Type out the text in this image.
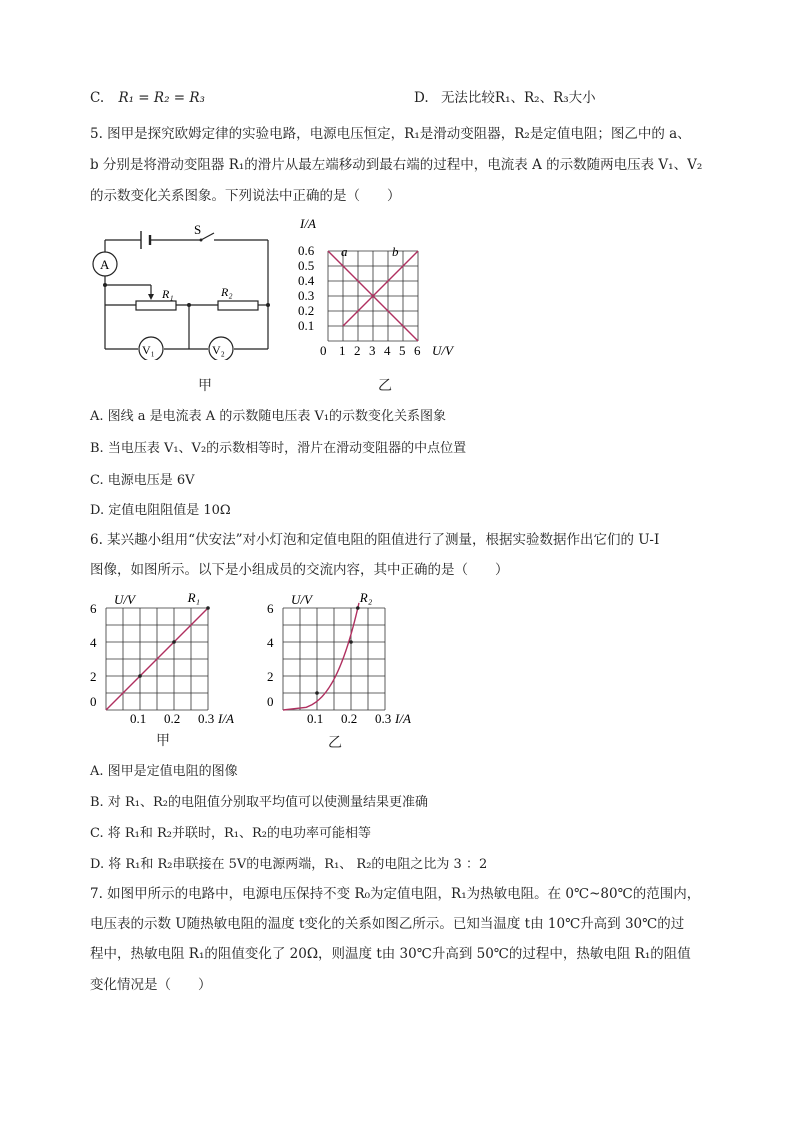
C. R₁ = R₂ = R₃	D. 无法比较R₁、R₂、R₃大小
5. 图甲是探究欧姆定律的实验电路，电源电压恒定，R₁是滑动变阻器，R₂是定值电阻；图乙中的 a、
b 分别是将滑动变阻器 R₁的滑片从最左端移动到最右端的过程中，电流表 A 的示数随两电压表 V₁、V₂
的示数变化关系图象。下列说法中正确的是（　　）
S
A
R₁	R₂
V₁	V₂
甲
I/A
0.6
0.5
0.4
0.3
0.2
0.1
0 1 2 3 4 5 6 U/V
a	b
乙
A. 图线 a 是电流表 A 的示数随电压表 V₁的示数变化关系图象
B. 当电压表 V₁、V₂的示数相等时，滑片在滑动变阻器的中点位置
C. 电源电压是 6V
D. 定值电阻阻值是 10Ω
6. 某兴趣小组用“伏安法”对小灯泡和定值电阻的阻值进行了测量，根据实验数据作出它们的 U-I
图像，如图所示。以下是小组成员的交流内容，其中正确的是（　　）
U/V
6
4
2
0
0.1 0.2 0.3 I/A
R₁
甲
U/V
6
4
2
0
0.1 0.2 0.3 I/A
R₂
乙
A. 图甲是定值电阻的图像
B. 对 R₁、R₂的电阻值分别取平均值可以使测量结果更准确
C. 将 R₁和 R₂并联时，R₁、R₂的电功率可能相等
D. 将 R₁和 R₂串联接在 5V的电源两端，R₁、 R₂的电阻之比为 3 ：2
7. 如图甲所示的电路中，电源电压保持不变 R₀为定值电阻，R₁为热敏电阻。在 0℃~80℃的范围内，
电压表的示数 U随热敏电阻的温度 t变化的关系如图乙所示。已知当温度 t由 10℃升高到 30℃的过
程中，热敏电阻 R₁的阻值变化了 20Ω，则温度 t由 30℃升高到 50℃的过程中，热敏电阻 R₁的阻值
变化情况是（　　）
